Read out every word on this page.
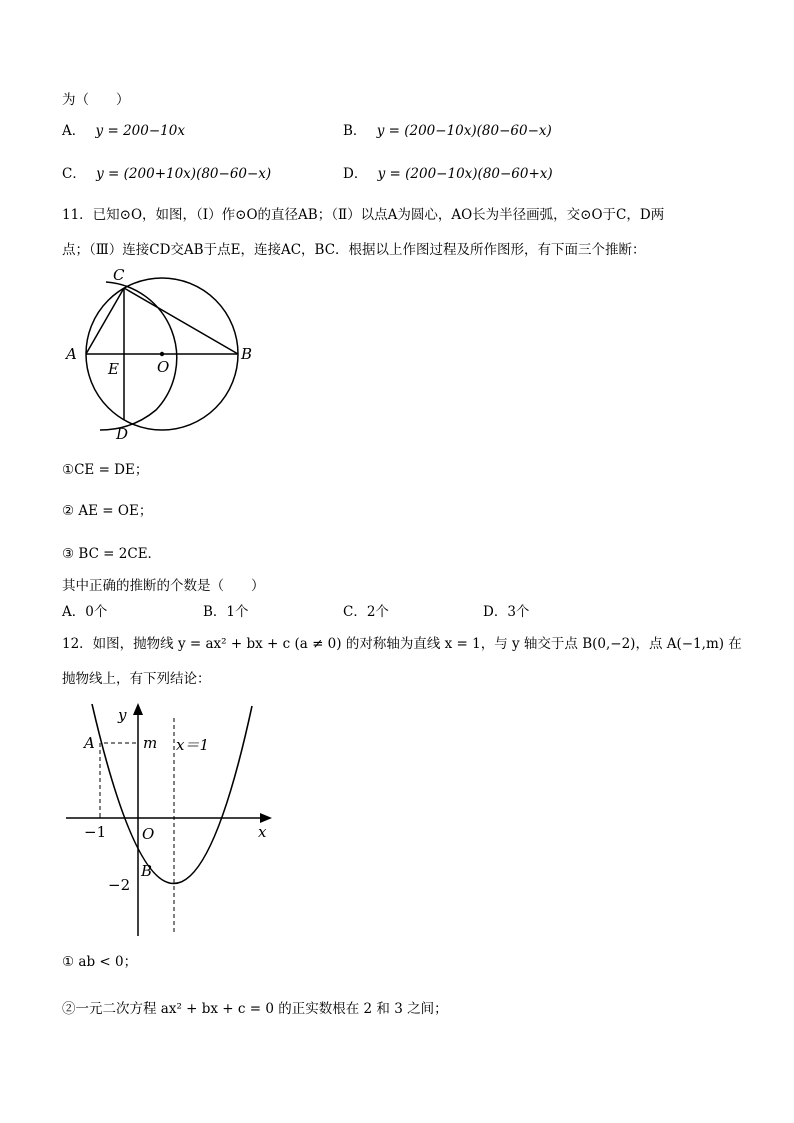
为（　　）
A． y = 200−10x	B． y = (200−10x)(80−60−x)
C． y = (200+10x)(80−60−x)	D． y = (200−10x)(80−60+x)
11．已知⊙O，如图，（Ⅰ）作⊙O的直径AB；（Ⅱ）以点A为圆心，AO长为半径画弧，交⊙O于C，D两
点；（Ⅲ）连接CD交AB于点E，连接AC，BC．根据以上作图过程及所作图形，有下面三个推断：
C
A
E	O
B
D
①CE = DE；
② AE = OE；
③ BC = 2CE．
其中正确的推断的个数是（　　）
A．0个	B．1个	C．2个	D．3个
12．如图，抛物线 y = ax² + bx + c (a ≠ 0) 的对称轴为直线 x = 1，与 y 轴交于点 B(0,−2)，点 A(−1,m) 在
抛物线上，有下列结论：
y
x
A	m x＝1
−1 O
B
−2
① ab < 0；
②一元二次方程 ax² + bx + c = 0 的正实数根在 2 和 3 之间；
